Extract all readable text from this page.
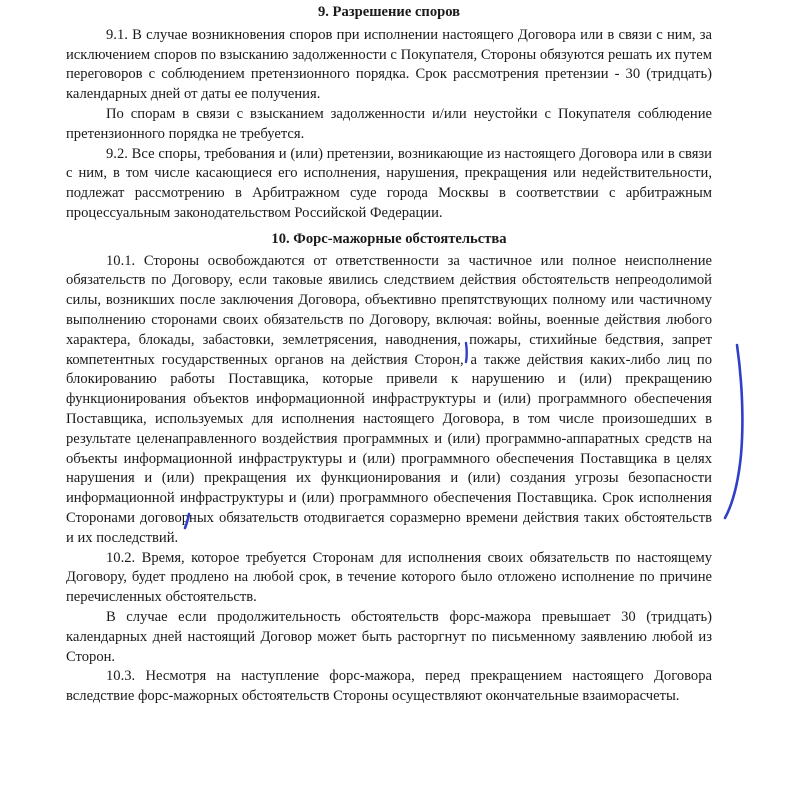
9. Разрешение споров

9.1. В случае возникновения споров при исполнении настоящего Договора или в связи с ним, за исключением споров по взысканию задолженности с Покупателя, Стороны обязуются решать их путем переговоров с соблюдением претензионного порядка. Срок рассмотрения претензии - 30 (тридцать) календарных дней от даты ее получения.

По спорам в связи с взысканием задолженности и/или неустойки с Покупателя соблюдение претензионного порядка не требуется.

9.2. Все споры, требования и (или) претензии, возникающие из настоящего Договора или в связи с ним, в том числе касающиеся его исполнения, нарушения, прекращения или недействительности, подлежат рассмотрению в Арбитражном суде города Москвы в соответствии с арбитражным процессуальным законодательством Российской Федерации.

10. Форс-мажорные обстоятельства

10.1. Стороны освобождаются от ответственности за частичное или полное неисполнение обязательств по Договору, если таковые явились следствием действия обстоятельств непреодолимой силы, возникших после заключения Договора, объективно препятствующих полному или частичному выполнению сторонами своих обязательств по Договору, включая: войны, военные действия любого характера, блокады, забастовки, землетрясения, наводнения, пожары, стихийные бедствия, запрет компетентных государственных органов на действия Сторон, а также действия каких-либо лиц по блокированию работы Поставщика, которые привели к нарушению и (или) прекращению функционирования объектов информационной инфраструктуры и (или) программного обеспечения Поставщика, используемых для исполнения настоящего Договора, в том числе произошедших в результате целенаправленного воздействия программных и (или) программно-аппаратных средств на объекты информационной инфраструктуры и (или) программного обеспечения Поставщика в целях нарушения и (или) прекращения их функционирования и (или) создания угрозы безопасности информационной инфраструктуры и (или) программного обеспечения Поставщика. Срок исполнения Сторонами договорных обязательств отодвигается соразмерно времени действия таких обстоятельств и их последствий.

10.2. Время, которое требуется Сторонам для исполнения своих обязательств по настоящему Договору, будет продлено на любой срок, в течение которого было отложено исполнение по причине перечисленных обстоятельств.

В случае если продолжительность обстоятельств форс-мажора превышает 30 (тридцать) календарных дней настоящий Договор может быть расторгнут по письменному заявлению любой из Сторон.

10.3. Несмотря на наступление форс-мажора, перед прекращением настоящего Договора вследствие форс-мажорных обстоятельств Стороны осуществляют окончательные взаиморасчеты.
